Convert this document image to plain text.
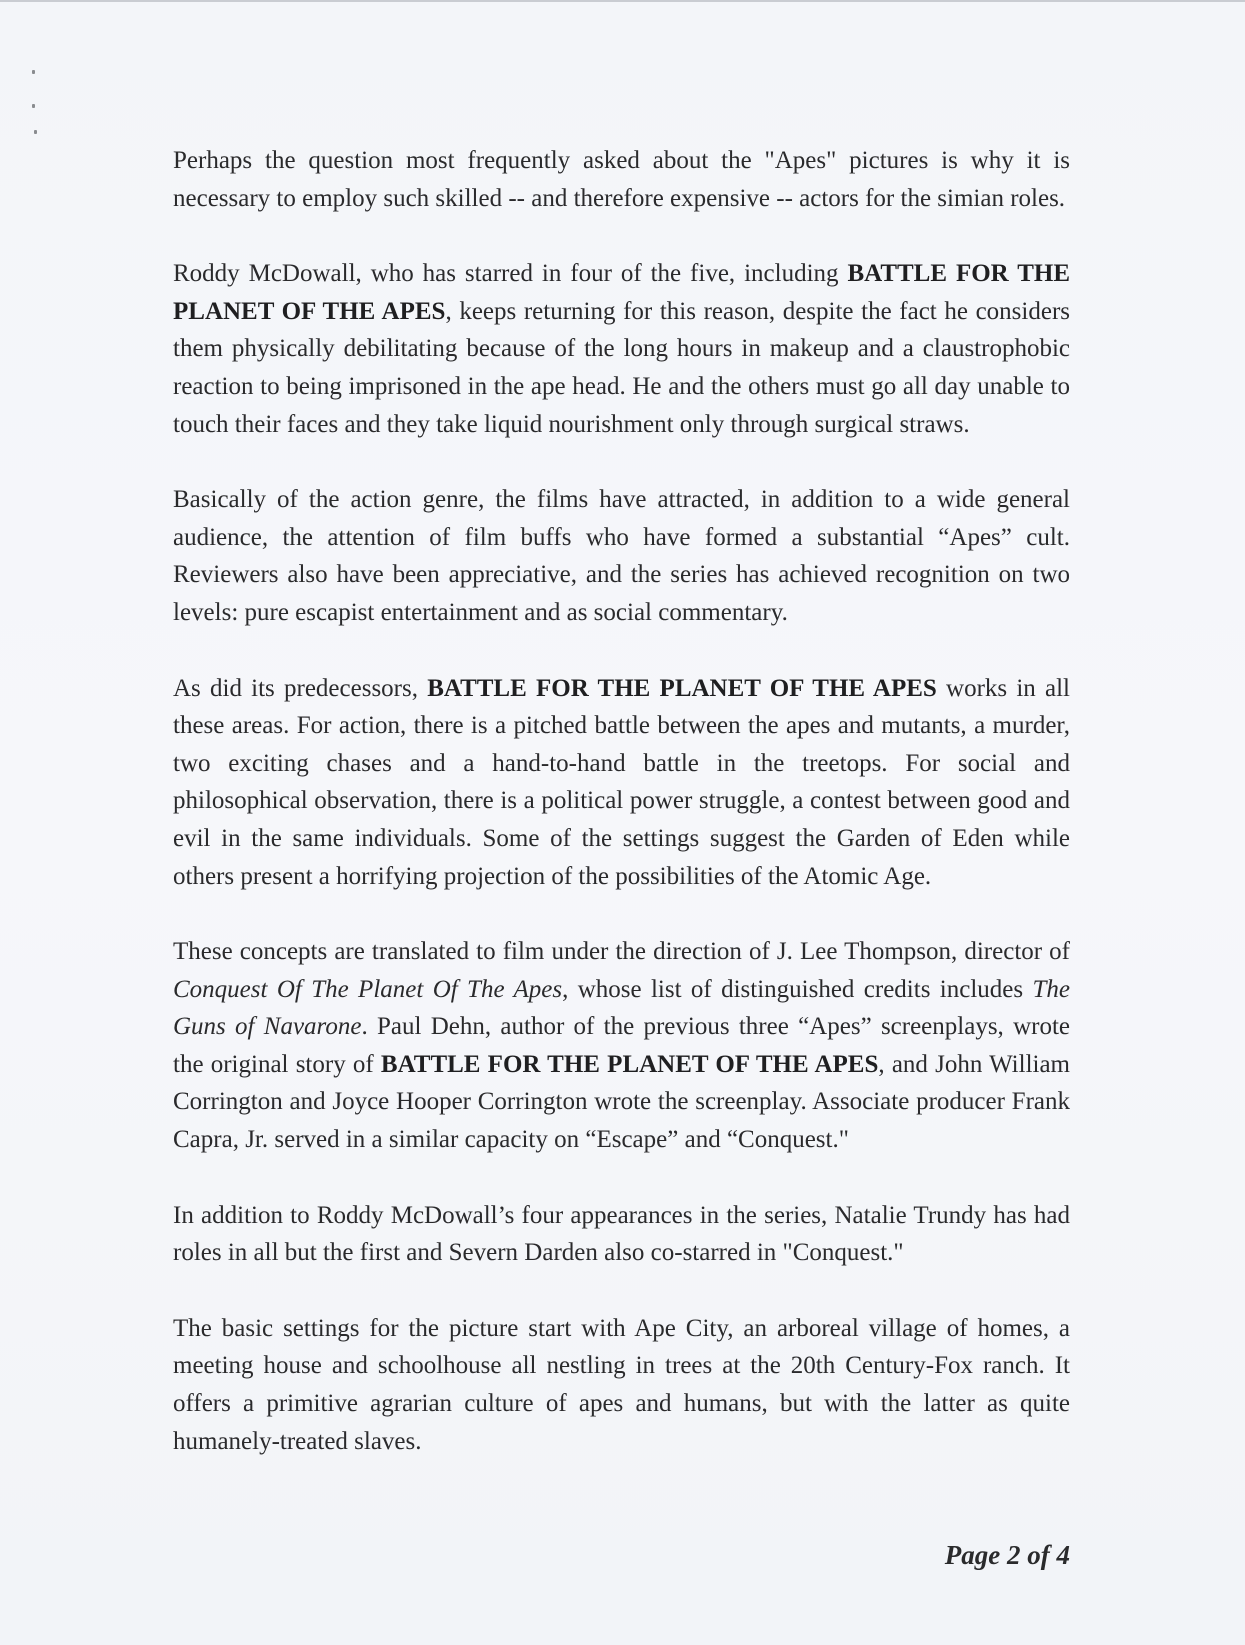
Perhaps the question most frequently asked about the "Apes" pictures is why it is necessary to employ such skilled -- and therefore expensive -- actors for the simian roles.

Roddy McDowall, who has starred in four of the five, including BATTLE FOR THE PLANET OF THE APES, keeps returning for this reason, despite the fact he considers them physically debilitating because of the long hours in makeup and a claustrophobic reaction to being imprisoned in the ape head. He and the others must go all day unable to touch their faces and they take liquid nourishment only through surgical straws.

Basically of the action genre, the films have attracted, in addition to a wide general audience, the attention of film buffs who have formed a substantial “Apes” cult. Reviewers also have been appreciative, and the series has achieved recognition on two levels: pure escapist entertainment and as social commentary.

As did its predecessors, BATTLE FOR THE PLANET OF THE APES works in all these areas. For action, there is a pitched battle between the apes and mutants, a murder, two exciting chases and a hand-to-hand battle in the treetops. For social and philosophical observation, there is a political power struggle, a contest between good and evil in the same individuals. Some of the settings suggest the Garden of Eden while others present a horrifying projection of the possibilities of the Atomic Age.

These concepts are translated to film under the direction of J. Lee Thompson, director of Conquest Of The Planet Of The Apes, whose list of distinguished credits includes The Guns of Navarone. Paul Dehn, author of the previous three “Apes” screenplays, wrote the original story of BATTLE FOR THE PLANET OF THE APES, and John William Corrington and Joyce Hooper Corrington wrote the screenplay. Associate producer Frank Capra, Jr. served in a similar capacity on “Escape” and “Conquest."

In addition to Roddy McDowall’s four appearances in the series, Natalie Trundy has had roles in all but the first and Severn Darden also co-starred in "Conquest."

The basic settings for the picture start with Ape City, an arboreal village of homes, a meeting house and schoolhouse all nestling in trees at the 20th Century-Fox ranch. It offers a primitive agrarian culture of apes and humans, but with the latter as quite humanely-treated slaves.

Page 2 of 4
